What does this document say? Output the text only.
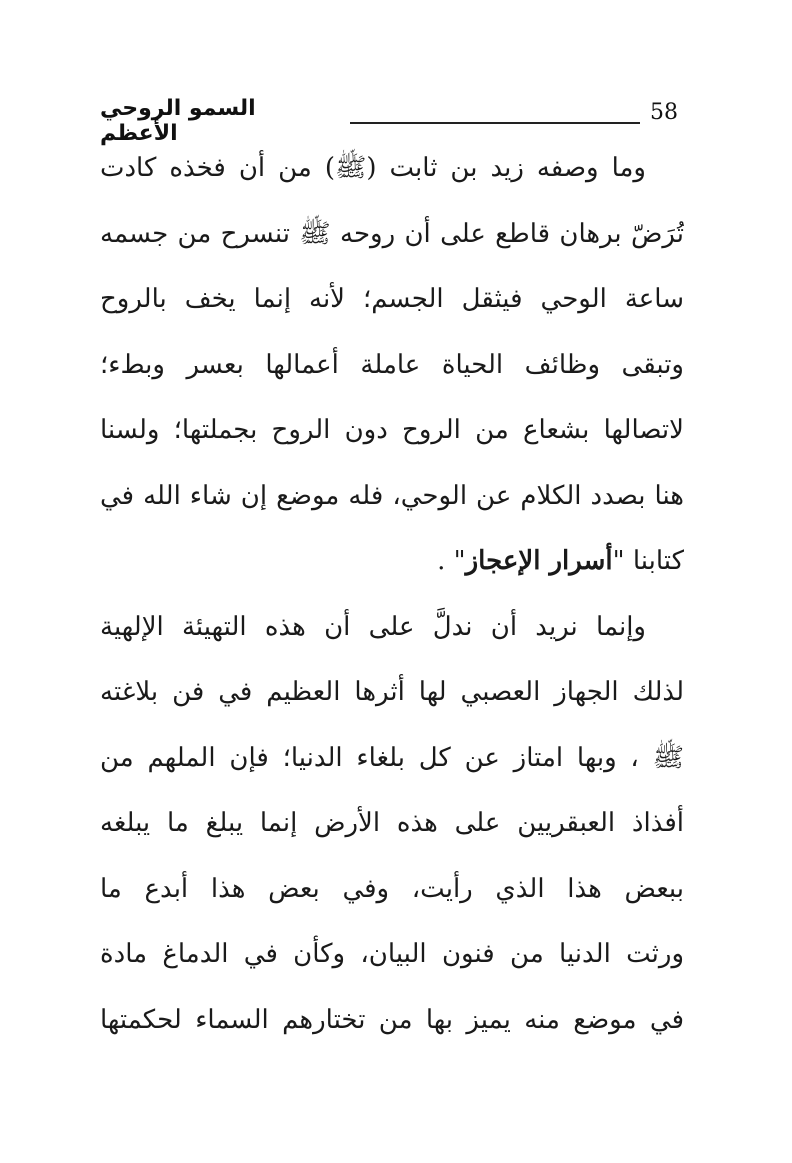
58
السمو الروحي الأعظم
وما وصفه زيد بن ثابت (ﷺ) من أن فخذه كادت
تُرَضّ برهان قاطع على أن روحه ﷺ تنسرح من جسمه
ساعة الوحي فيثقل الجسم؛ لأنه إنما يخف بالروح
وتبقى وظائف الحياة عاملة أعمالها بعسر وبطء؛
لاتصالها بشعاع من الروح دون الروح بجملتها؛ ولسنا
هنا بصدد الكلام عن الوحي، فله موضع إن شاء الله في
كتابنا "أسرار الإعجاز" .
وإنما نريد أن ندلَّ على أن هذه التهيئة الإلهية
لذلك الجهاز العصبي لها أثرها العظيم في فن بلاغته
ﷺ ، وبها امتاز عن كل بلغاء الدنيا؛ فإن الملهم من
أفذاذ العبقريين على هذه الأرض إنما يبلغ ما يبلغه
ببعض هذا الذي رأيت، وفي بعض هذا أبدع ما
ورثت الدنيا من فنون البيان، وكأن في الدماغ مادة
في موضع منه يميز بها من تختارهم السماء لحكمتها
